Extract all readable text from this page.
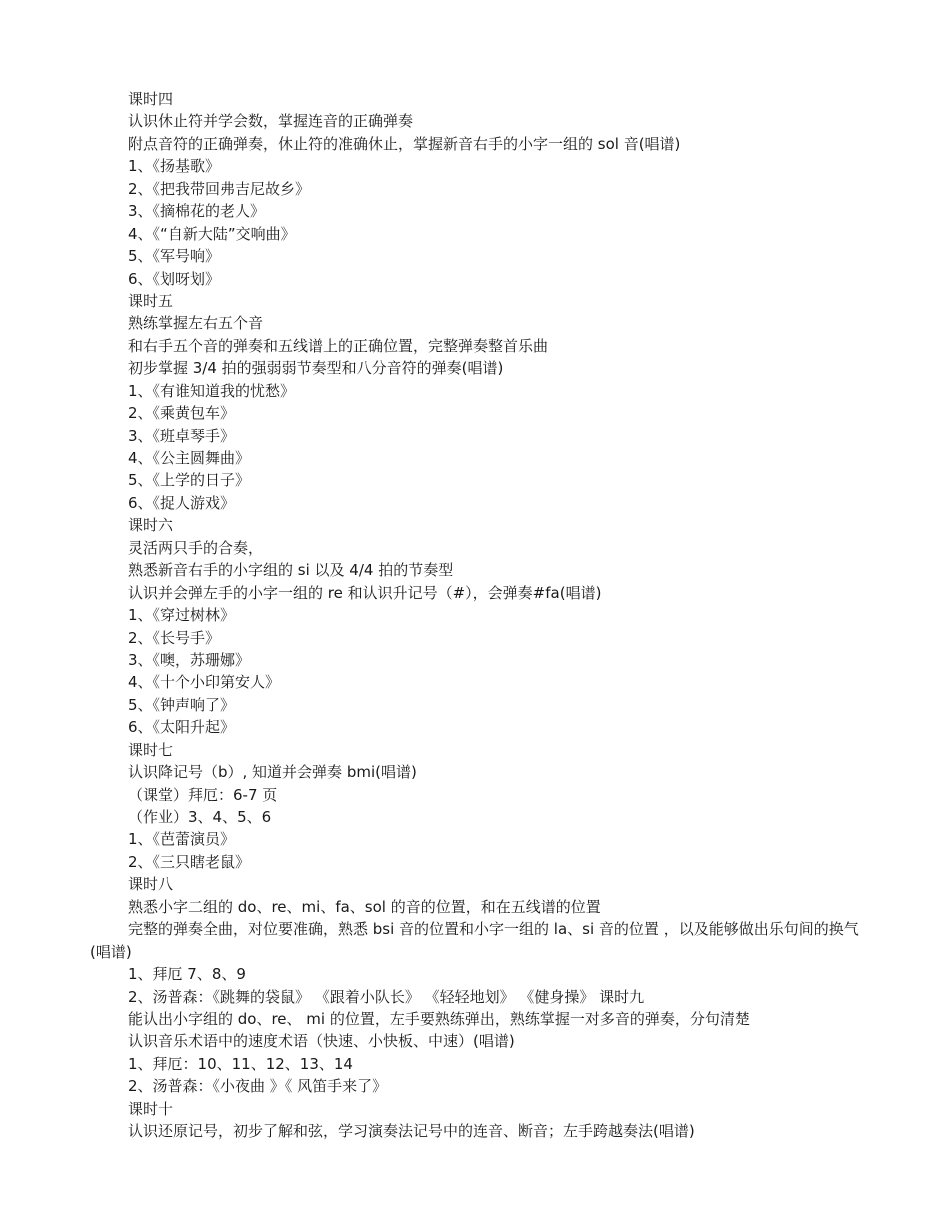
课时四
认识休止符并学会数，掌握连音的正确弹奏
附点音符的正确弹奏，休止符的准确休止，掌握新音右手的小字一组的 sol 音(唱谱)
1、《扬基歌》
2、《把我带回弗吉尼故乡》
3、《摘棉花的老人》
4、《“自新大陆”交响曲》
5、《军号响》
6、《划呀划》
课时五
熟练掌握左右五个音
和右手五个音的弹奏和五线谱上的正确位置，完整弹奏整首乐曲
初步掌握 3/4 拍的强弱弱节奏型和八分音符的弹奏(唱谱)
1、《有谁知道我的忧愁》
2、《乘黄包车》
3、《班卓琴手》
4、《公主圆舞曲》
5、《上学的日子》
6、《捉人游戏》
课时六
灵活两只手的合奏，
熟悉新音右手的小字组的 si 以及 4/4 拍的节奏型
认识并会弹左手的小字一组的 re 和认识升记号（#），会弹奏#fa(唱谱)
1、《穿过树林》
2、《长号手》
3、《噢，苏珊娜》
4、《十个小印第安人》
5、《钟声响了》
6、《太阳升起》
课时七
认识降记号（b）, 知道并会弹奏 bmi(唱谱)
（课堂）拜厄：6-7 页
（作业）3、4、5、6
1、《芭蕾演员》
2、《三只瞎老鼠》
课时八
熟悉小字二组的 do、re、mi、fa、sol 的音的位置，和在五线谱的位置
完整的弹奏全曲，对位要准确，熟悉 bsi 音的位置和小字一组的 la、si 音的位置 ，以及能够做出乐句间的换气(唱谱)
1、拜厄 7、8、9
2、汤普森：《跳舞的袋鼠》 《跟着小队长》 《轻轻地划》 《健身操》 课时九
能认出小字组的 do、re、 mi 的位置，左手要熟练弹出，熟练掌握一对多音的弹奏，分句清楚
认识音乐术语中的速度术语（快速、小快板、中速）(唱谱)
1、拜厄：10、11、12、13、14
2、汤普森：《小夜曲 》《 风笛手来了》
课时十
认识还原记号，初步了解和弦，学习演奏法记号中的连音、断音；左手跨越奏法(唱谱)
